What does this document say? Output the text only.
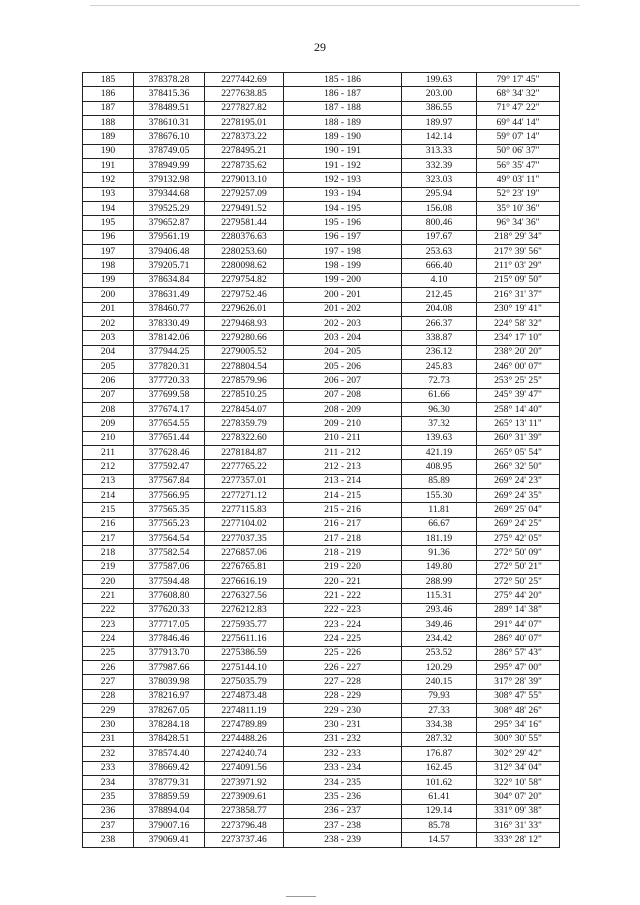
29
185	378378.28	2277442.69	185 - 186	199.63	79° 17' 45"
186	378415.36	2277638.85	186 - 187	203.00	68° 34' 32"
187	378489.51	2277827.82	187 - 188	386.55	71° 47' 22"
188	378610.31	2278195.01	188 - 189	189.97	69° 44' 14"
189	378676.10	2278373.22	189 - 190	142.14	59° 07' 14"
190	378749.05	2278495.21	190 - 191	313.33	50° 06' 37"
191	378949.99	2278735.62	191 - 192	332.39	56° 35' 47"
192	379132.98	2279013.10	192 - 193	323.03	49° 03' 11"
193	379344.68	2279257.09	193 - 194	295.94	52° 23' 19"
194	379525.29	2279491.52	194 - 195	156.08	35° 10' 36"
195	379652.87	2279581.44	195 - 196	800.46	96° 34' 36"
196	379561.19	2280376.63	196 - 197	197.67	218° 29' 34"
197	379406.48	2280253.60	197 - 198	253.63	217° 39' 56"
198	379205.71	2280098.62	198 - 199	666.40	211° 03' 29"
199	378634.84	2279754.82	199 - 200	4.10	215° 09' 50"
200	378631.49	2279752.46	200 - 201	212.45	216° 31' 37"
201	378460.77	2279626.01	201 - 202	204.08	230° 19' 41"
202	378330.49	2279468.93	202 - 203	266.37	224° 58' 32"
203	378142.06	2279280.66	203 - 204	338.87	234° 17' 10"
204	377944.25	2279005.52	204 - 205	236.12	238° 20' 20"
205	377820.31	2278804.54	205 - 206	245.83	246° 00' 07"
206	377720.33	2278579.96	206 - 207	72.73	253° 25' 25"
207	377699.58	2278510.25	207 - 208	61.66	245° 39' 47"
208	377674.17	2278454.07	208 - 209	96.30	258° 14' 40"
209	377654.55	2278359.79	209 - 210	37.32	265° 13' 11"
210	377651.44	2278322.60	210 - 211	139.63	260° 31' 39"
211	377628.46	2278184.87	211 - 212	421.19	265° 05' 54"
212	377592.47	2277765.22	212 - 213	408.95	266° 32' 50"
213	377567.84	2277357.01	213 - 214	85.89	269° 24' 23"
214	377566.95	2277271.12	214 - 215	155.30	269° 24' 35"
215	377565.35	2277115.83	215 - 216	11.81	269° 25' 04"
216	377565.23	2277104.02	216 - 217	66.67	269° 24' 25"
217	377564.54	2277037.35	217 - 218	181.19	275° 42' 05"
218	377582.54	2276857.06	218 - 219	91.36	272° 50' 09"
219	377587.06	2276765.81	219 - 220	149.80	272° 50' 21"
220	377594.48	2276616.19	220 - 221	288.99	272° 50' 25"
221	377608.80	2276327.56	221 - 222	115.31	275° 44' 20"
222	377620.33	2276212.83	222 - 223	293.46	289° 14' 38"
223	377717.05	2275935.77	223 - 224	349.46	291° 44' 07"
224	377846.46	2275611.16	224 - 225	234.42	286° 40' 07"
225	377913.70	2275386.59	225 - 226	253.52	286° 57' 43"
226	377987.66	2275144.10	226 - 227	120.29	295° 47' 00"
227	378039.98	2275035.79	227 - 228	240.15	317° 28' 39"
228	378216.97	2274873.48	228 - 229	79.93	308° 47' 55"
229	378267.05	2274811.19	229 - 230	27.33	308° 48' 26"
230	378284.18	2274789.89	230 - 231	334.38	295° 34' 16"
231	378428.51	2274488.26	231 - 232	287.32	300° 30' 55"
232	378574.40	2274240.74	232 - 233	176.87	302° 29' 42"
233	378669.42	2274091.56	233 - 234	162.45	312° 34' 04"
234	378779.31	2273971.92	234 - 235	101.62	322° 10' 58"
235	378859.59	2273909.61	235 - 236	61.41	304° 07' 20"
236	378894.04	2273858.77	236 - 237	129.14	331° 09' 38"
237	379007.16	2273796.48	237 - 238	85.78	316° 31' 33"
238	379069.41	2273737.46	238 - 239	14.57	333° 28' 12"
